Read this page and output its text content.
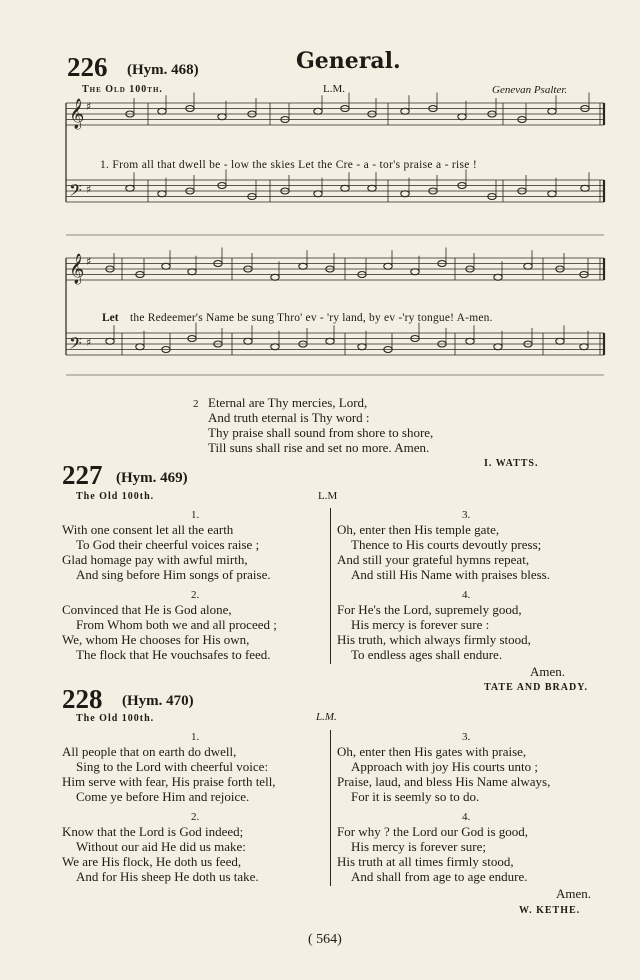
226 (Hym. 468)	General.
The Old 100th.	L.M.	Genevan Psalter.
𝄞 ♯
𝄢 ♯
𝄞 ♯
𝄢 ♯
1. From all that dwell be - low the skies Let the Cre - a - tor's praise a - rise !
Let the Redeemer's Name be sung Thro' ev - 'ry land, by ev -'ry tongue! A-men.
2 Eternal are Thy mercies, Lord,
And truth eternal is Thy word :
Thy praise shall sound from shore to shore,
Till suns shall rise and set no more. Amen.
I. WATTS.
227 (Hym. 469)
The Old 100th.	L.M
1.
With one consent let all the earth
To God their cheerful voices raise ;
Glad homage pay with awful mirth,
And sing before Him songs of praise.
2.
Convinced that He is God alone,
From Whom both we and all proceed ;
We, whom He chooses for His own,
The flock that He vouchsafes to feed.
3.
Oh, enter then His temple gate,
Thence to His courts devoutly press;
And still your grateful hymns repeat,
And still His Name with praises bless.
4.
For He's the Lord, supremely good,
His mercy is forever sure :
His truth, which always firmly stood,
To endless ages shall endure.
Amen.
TATE AND BRADY.
228 (Hym. 470)
The Old 100th.	L.M.
1.
All people that on earth do dwell,
Sing to the Lord with cheerful voice:
Him serve with fear, His praise forth tell,
Come ye before Him and rejoice.
2.
Know that the Lord is God indeed;
Without our aid He did us make:
We are His flock, He doth us feed,
And for His sheep He doth us take.
3.
Oh, enter then His gates with praise,
Approach with joy His courts unto ;
Praise, laud, and bless His Name always,
For it is seemly so to do.
4.
For why ? the Lord our God is good,
His mercy is forever sure;
His truth at all times firmly stood,
And shall from age to age endure.
Amen.
W. KETHE.
( 564)
